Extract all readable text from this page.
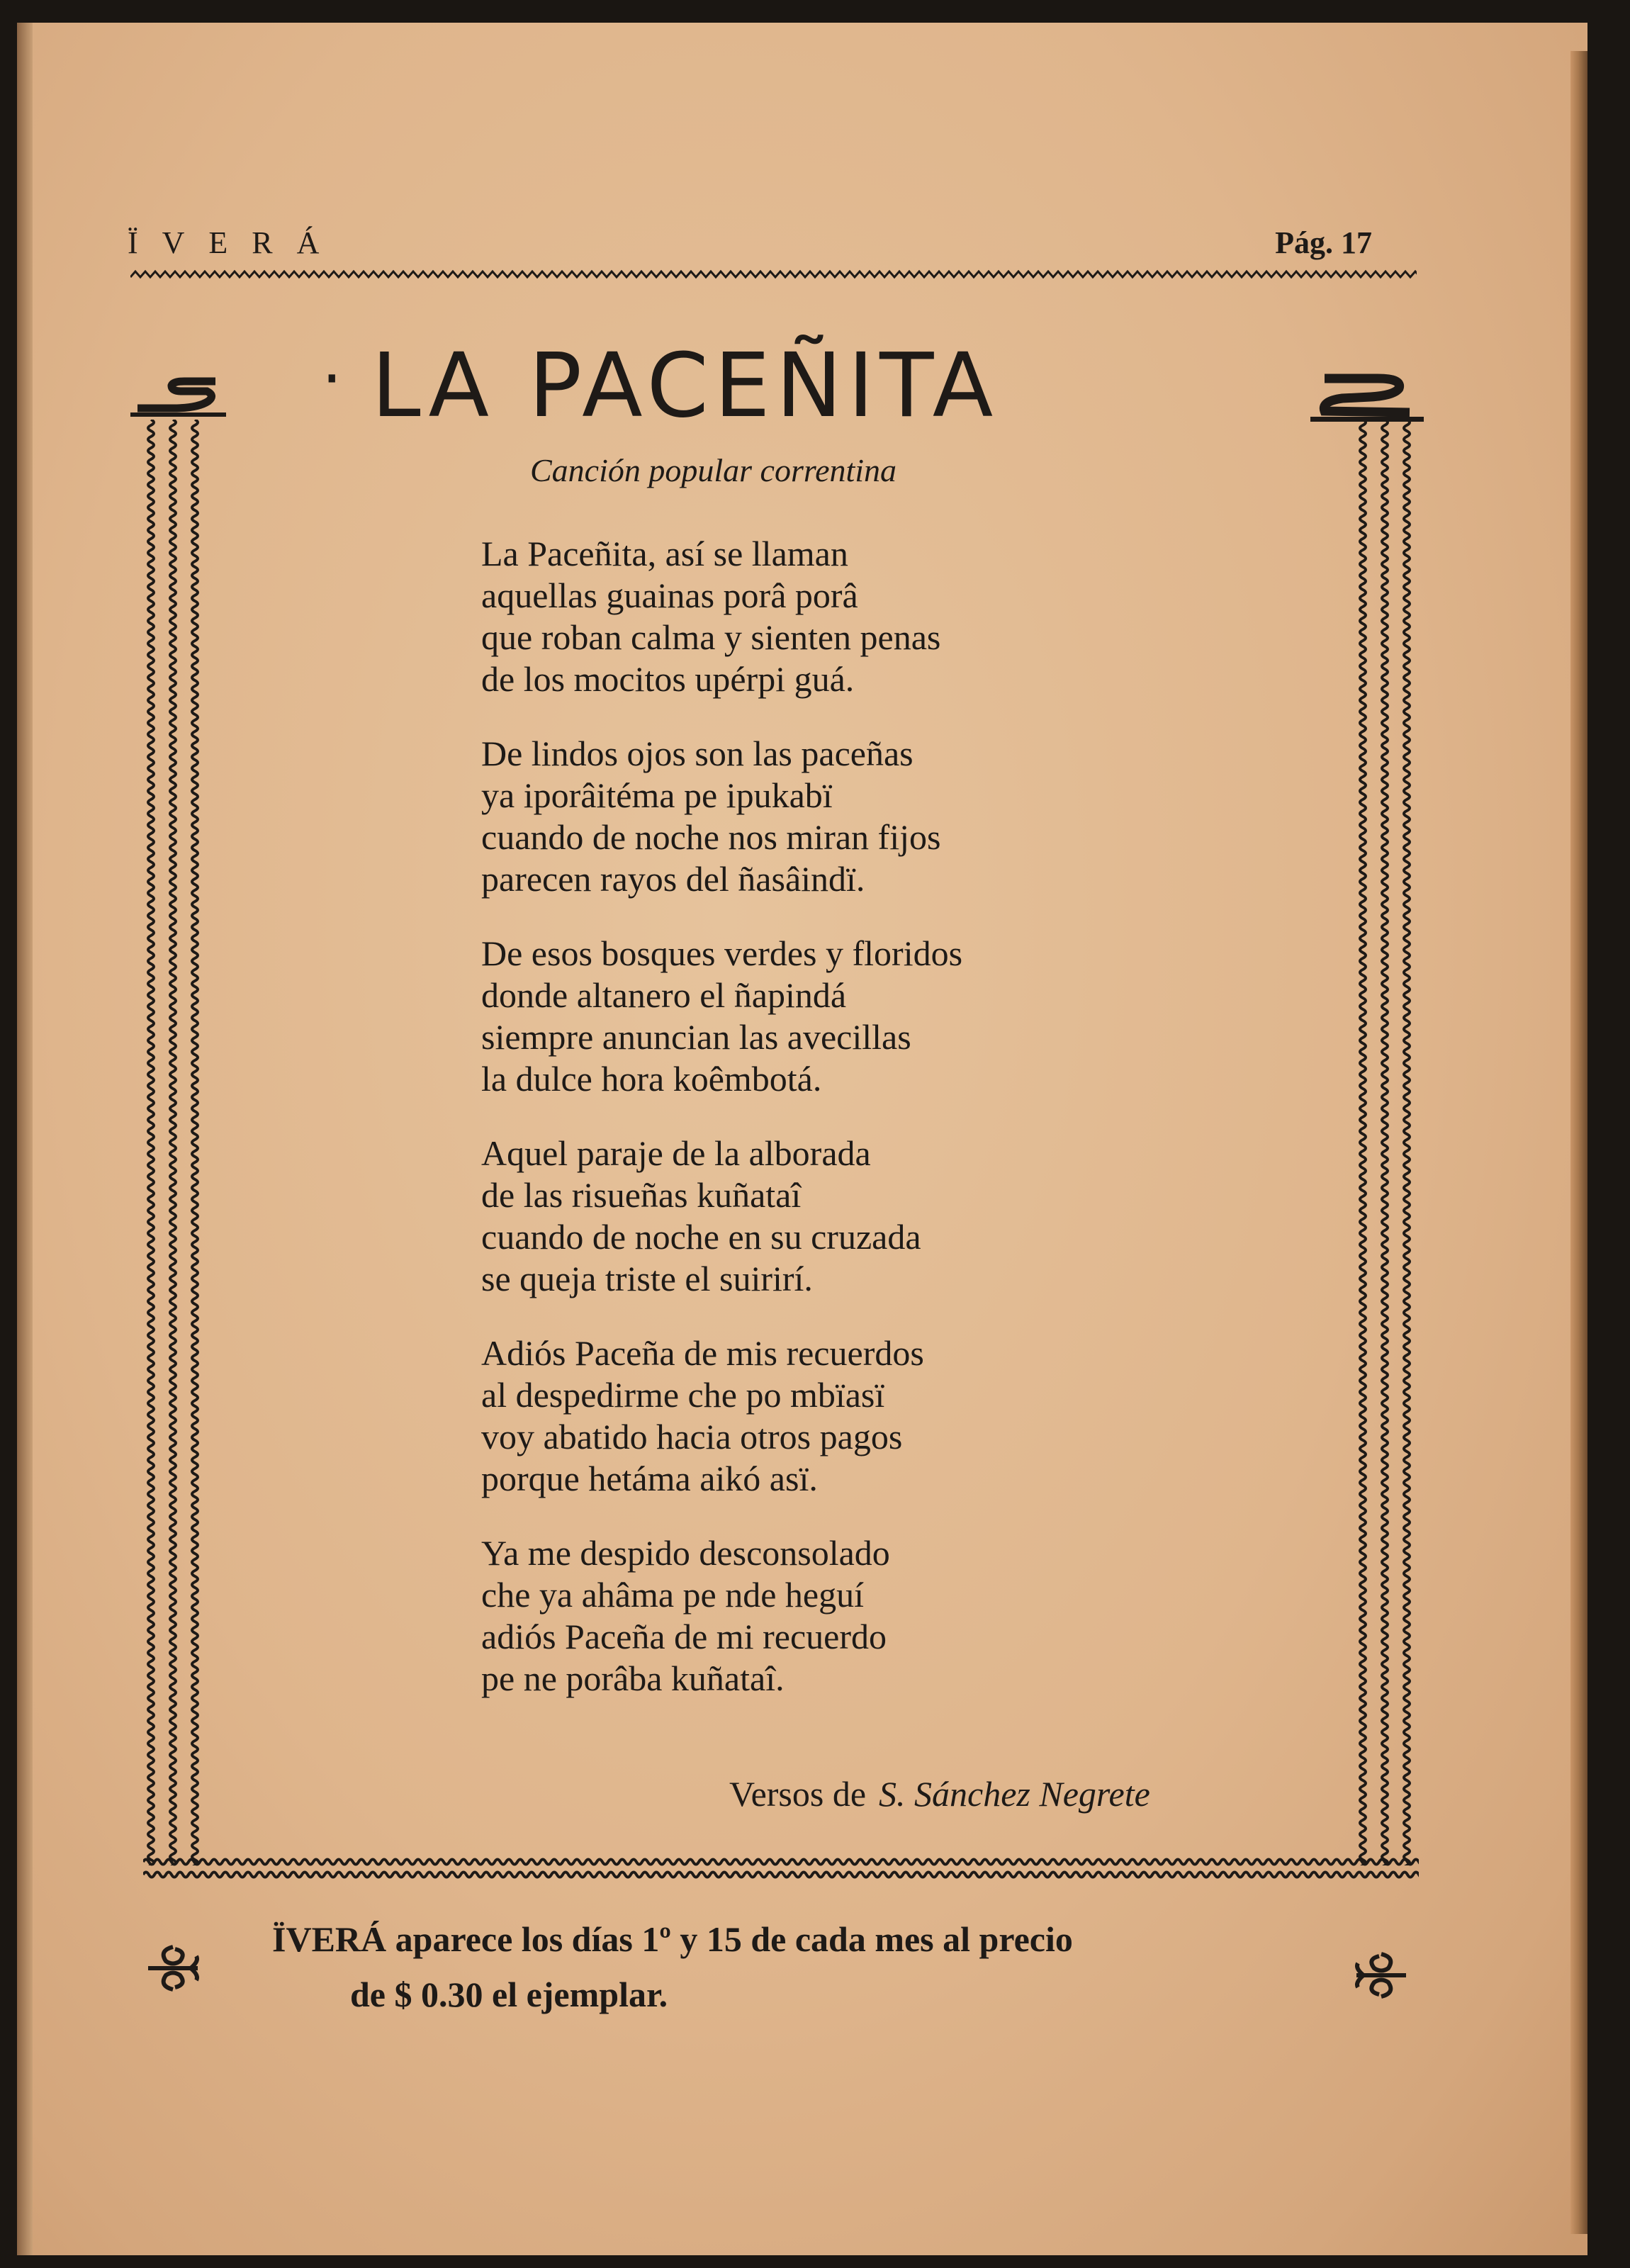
ÏVERÁ	Pág. 17
· LA PACEÑITA
Canción popular correntina

La Paceñita, así se llaman
aquellas guainas porâ porâ
que roban calma y sienten penas
de los mocitos upérpi guá.

De lindos ojos son las paceñas
ya iporâitéma pe ipukabï
cuando de noche nos miran fijos
parecen rayos del ñasâindï.

De esos bosques verdes y floridos
donde altanero el ñapindá
siempre anuncian las avecillas
la dulce hora koêmbotá.

Aquel paraje de la alborada
de las risueñas kuñataî
cuando de noche en su cruzada
se queja triste el suirirí.

Adiós Paceña de mis recuerdos
al despedirme che po mbïasï
voy abatido hacia otros pagos
porque hetáma aikó asï.

Ya me despido desconsolado
che ya ahâma pe nde heguí
adiós Paceña de mi recuerdo
pe ne porâba kuñataî.

Versos de S. Sánchez Negrete
ÏVERÁ aparece los días 1º y 15 de cada mes al precio
de $ 0.30 el ejemplar.
